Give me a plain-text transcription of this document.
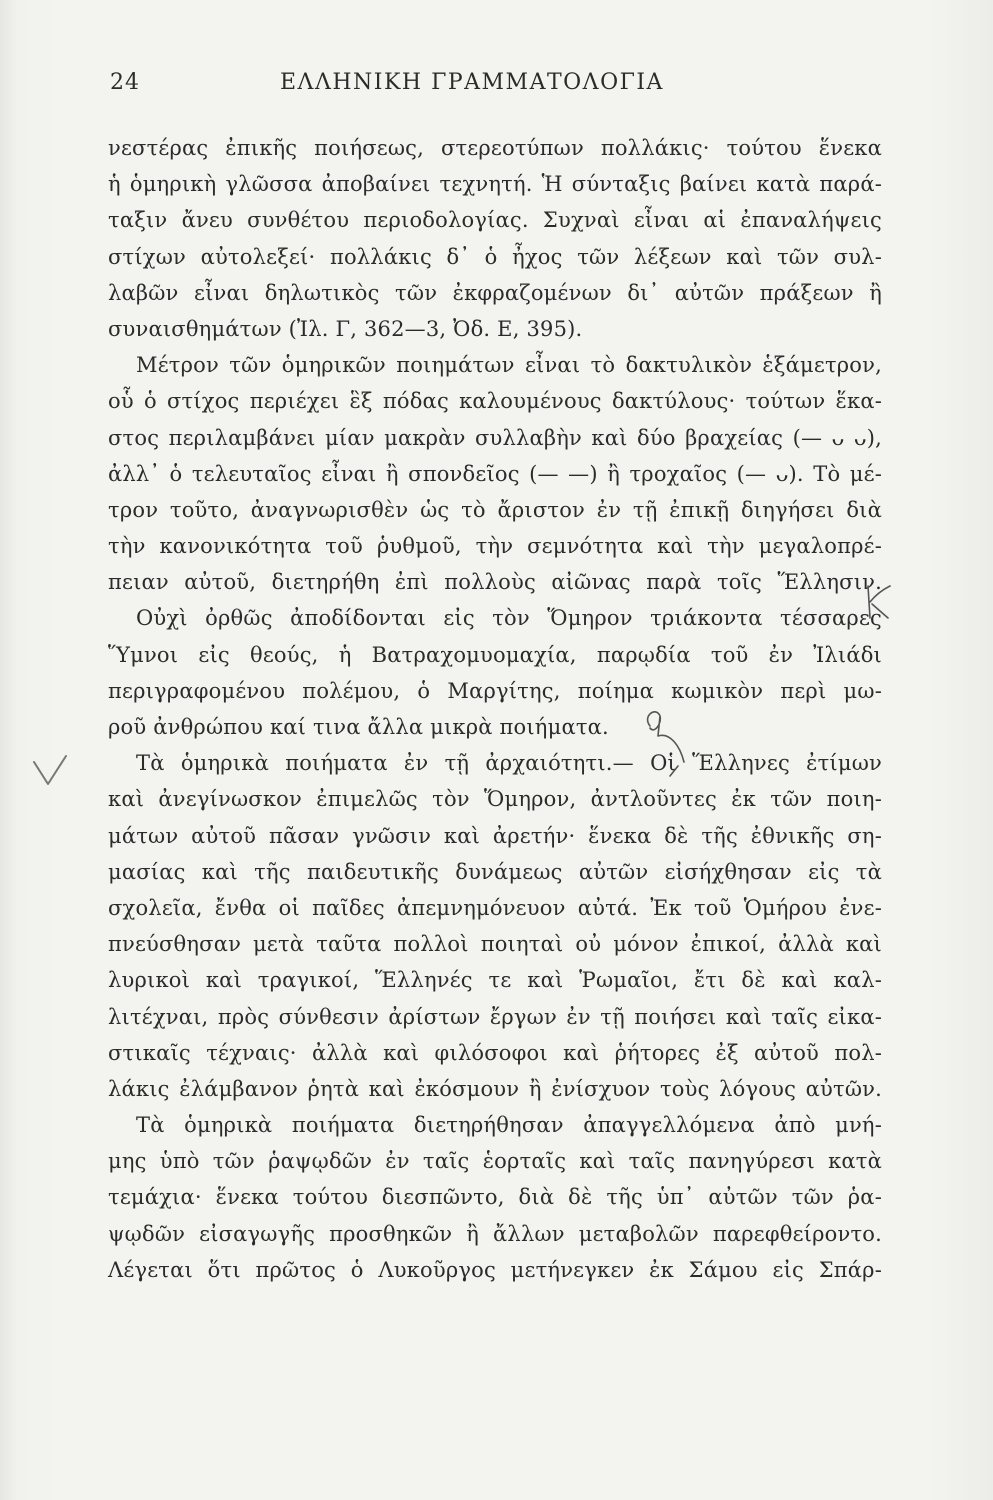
24	ΕΛΛΗΝΙΚΗ ΓΡΑΜΜΑΤΟΛΟΓΙΑ
νεστέρας ἐπικῆς ποιήσεως, στερεοτύπων πολλάκις· τούτου ἕνεκα
ἡ ὁμηρικὴ γλῶσσα ἀποβαίνει τεχνητή. Ἡ σύνταξις βαίνει κατὰ παρά-
ταξιν ἄνευ συνθέτου περιοδολογίας. Συχναὶ εἶναι αἱ ἐπαναλήψεις
στίχων αὐτολεξεί· πολλάκις δ᾽ ὁ ἦχος τῶν λέξεων καὶ τῶν συλ-
λαβῶν εἶναι δηλωτικὸς τῶν ἐκφραζομένων δι᾽ αὐτῶν πράξεων ἢ
συναισθημάτων (Ἰλ. Γ, 362—3, Ὀδ. Ε, 395).
Μέτρον τῶν ὁμηρικῶν ποιημάτων εἶναι τὸ δακτυλικὸν ἑξάμετρον,
οὗ ὁ στίχος περιέχει ἓξ πόδας καλουμένους δακτύλους· τούτων ἕκα-
στος περιλαμβάνει μίαν μακρὰν συλλαβὴν καὶ δύο βραχείας (— ᴗ ᴗ),
ἀλλ᾽ ὁ τελευταῖος εἶναι ἢ σπονδεῖος (— —) ἢ τροχαῖος (— ᴗ). Τὸ μέ-
τρον τοῦτο, ἀναγνωρισθὲν ὡς τὸ ἄριστον ἐν τῇ ἐπικῇ διηγήσει διὰ
τὴν κανονικότητα τοῦ ῥυθμοῦ, τὴν σεμνότητα καὶ τὴν μεγαλοπρέ-
πειαν αὐτοῦ, διετηρήθη ἐπὶ πολλοὺς αἰῶνας παρὰ τοῖς Ἕλλησιν.
Οὐχὶ ὀρθῶς ἀποδίδονται εἰς τὸν Ὅμηρον τριάκοντα τέσσαρες
Ὕμνοι εἰς θεούς, ἡ Βατραχομυομαχία, παρῳδία τοῦ ἐν Ἰλιάδι
περιγραφομένου πολέμου, ὁ Μαργίτης, ποίημα κωμικὸν περὶ μω-
ροῦ ἀνθρώπου καί τινα ἄλλα μικρὰ ποιήματα.
Τὰ ὁμηρικὰ ποιήματα ἐν τῇ ἀρχαιότητι.— Οἱ Ἕλληνες ἐτίμων
καὶ ἀνεγίνωσκον ἐπιμελῶς τὸν Ὅμηρον, ἀντλοῦντες ἐκ τῶν ποιη-
μάτων αὐτοῦ πᾶσαν γνῶσιν καὶ ἀρετήν· ἕνεκα δὲ τῆς ἐθνικῆς ση-
μασίας καὶ τῆς παιδευτικῆς δυνάμεως αὐτῶν εἰσήχθησαν εἰς τὰ
σχολεῖα, ἔνθα οἱ παῖδες ἀπεμνημόνευον αὐτά. Ἐκ τοῦ Ὁμήρου ἐνε-
πνεύσθησαν μετὰ ταῦτα πολλοὶ ποιηταὶ οὐ μόνον ἐπικοί, ἀλλὰ καὶ
λυρικοὶ καὶ τραγικοί, Ἕλληνές τε καὶ Ῥωμαῖοι, ἔτι δὲ καὶ καλ-
λιτέχναι, πρὸς σύνθεσιν ἀρίστων ἔργων ἐν τῇ ποιήσει καὶ ταῖς εἰκα-
στικαῖς τέχναις· ἀλλὰ καὶ φιλόσοφοι καὶ ῥήτορες ἐξ αὐτοῦ πολ-
λάκις ἐλάμβανον ῥητὰ καὶ ἐκόσμουν ἢ ἐνίσχυον τοὺς λόγους αὐτῶν.
Τὰ ὁμηρικὰ ποιήματα διετηρήθησαν ἀπαγγελλόμενα ἀπὸ μνή-
μης ὑπὸ τῶν ῥαψῳδῶν ἐν ταῖς ἑορταῖς καὶ ταῖς πανηγύρεσι κατὰ
τεμάχια· ἕνεκα τούτου διεσπῶντο, διὰ δὲ τῆς ὑπ᾽ αὐτῶν τῶν ῥα-
ψῳδῶν εἰσαγωγῆς προσθηκῶν ἢ ἄλλων μεταβολῶν παρεφθείροντο.
Λέγεται ὅτι πρῶτος ὁ Λυκοῦργος μετήνεγκεν ἐκ Σάμου εἰς Σπάρ-
